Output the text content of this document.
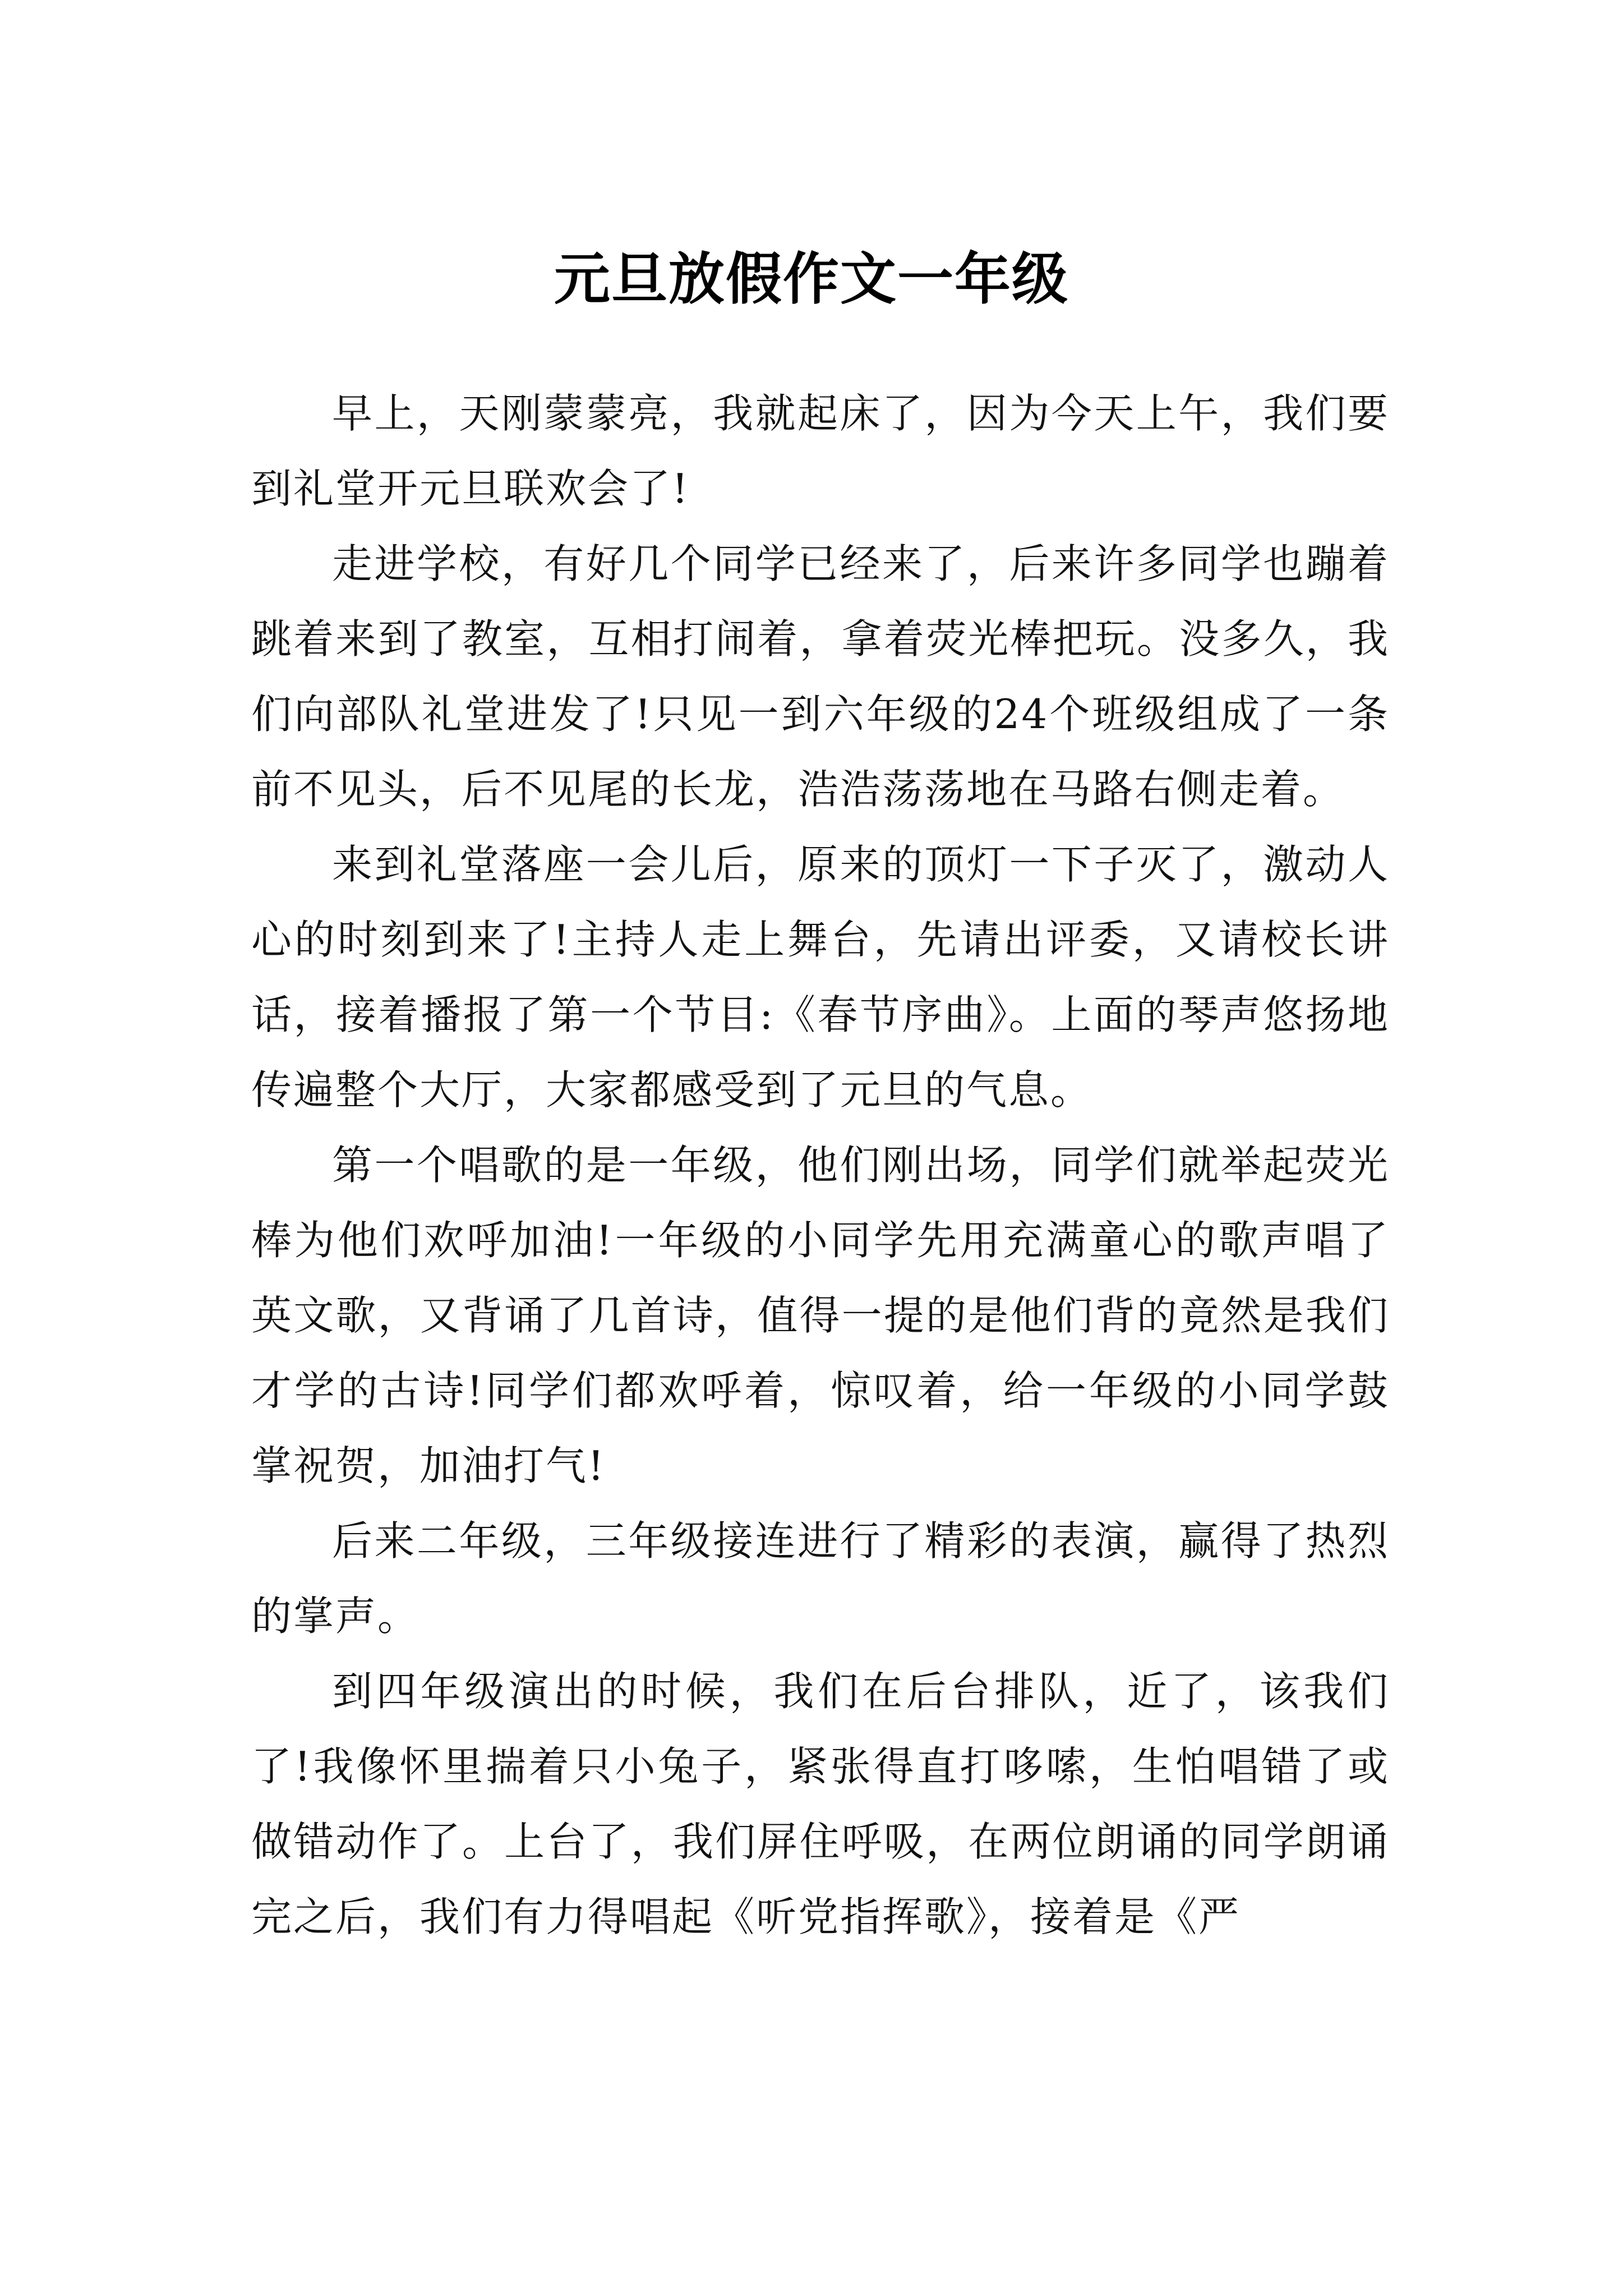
元旦放假作文一年级

早上，天刚蒙蒙亮，我就起床了，因为今天上午，我们要到礼堂开元旦联欢会了!

走进学校，有好几个同学已经来了，后来许多同学也蹦着跳着来到了教室，互相打闹着，拿着荧光棒把玩。没多久，我们向部队礼堂进发了!只见一到六年级的24个班级组成了一条前不见头，后不见尾的长龙，浩浩荡荡地在马路右侧走着。

来到礼堂落座一会儿后，原来的顶灯一下子灭了，激动人心的时刻到来了!主持人走上舞台，先请出评委，又请校长讲话，接着播报了第一个节目:《春节序曲》。上面的琴声悠扬地传遍整个大厅，大家都感受到了元旦的气息。

第一个唱歌的是一年级，他们刚出场，同学们就举起荧光棒为他们欢呼加油!一年级的小同学先用充满童心的歌声唱了英文歌，又背诵了几首诗，值得一提的是他们背的竟然是我们才学的古诗!同学们都欢呼着，惊叹着，给一年级的小同学鼓掌祝贺，加油打气!

后来二年级，三年级接连进行了精彩的表演，赢得了热烈的掌声。

到四年级演出的时候，我们在后台排队，近了，该我们了!我像怀里揣着只小兔子，紧张得直打哆嗦，生怕唱错了或做错动作了。上台了，我们屏住呼吸，在两位朗诵的同学朗诵完之后，我们有力得唱起《听党指挥歌》，接着是《严
